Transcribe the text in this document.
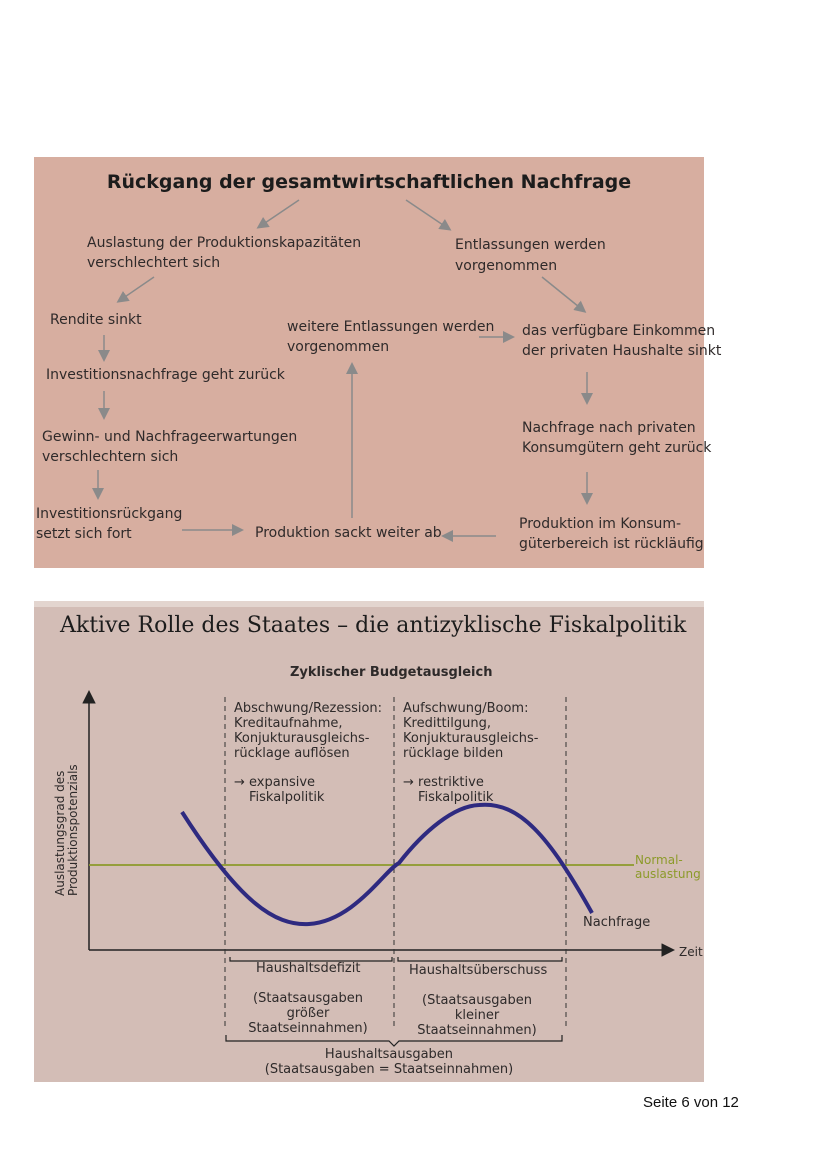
Rückgang der gesamtwirtschaftlichen Nachfrage
Auslastung der Produktionskapazitäten
verschlechtert sich
Entlassungen werden
vorgenommen
Rendite sinkt
Investitionsnachfrage geht zurück
Gewinn- und Nachfrageerwartungen
verschlechtern sich
Investitionsrückgang
setzt sich fort	Produktion sackt weiter ab
weitere Entlassungen werden
vorgenommen
das verfügbare Einkommen
der privaten Haushalte sinkt
Nachfrage nach privaten
Konsumgütern geht zurück
Produktion im Konsum-
güterbereich ist rückläufig
Aktive Rolle des Staates – die antizyklische Fiskalpolitik
Zyklischer Budgetausgleich
Auslastungsgrad des Produktionspotenzials
Zeit
Abschwung/Rezession:
Kreditaufnahme,
Konjukturausgleichs-
rücklage auflösen
→ expansive
Fiskalpolitik
Aufschwung/Boom:
Kredittilgung,
Konjukturausgleichs-
rücklage bilden
→ restriktive
Fiskalpolitik
Normal-
auslastung
Nachfrage
Haushaltsdefizit
(Staatsausgaben
größer
Staatseinnahmen)
Haushaltsüberschuss
(Staatsausgaben
kleiner
Staatseinnahmen)
Haushaltsausgaben
(Staatsausgaben = Staatseinnahmen)
Seite 6 von 12
